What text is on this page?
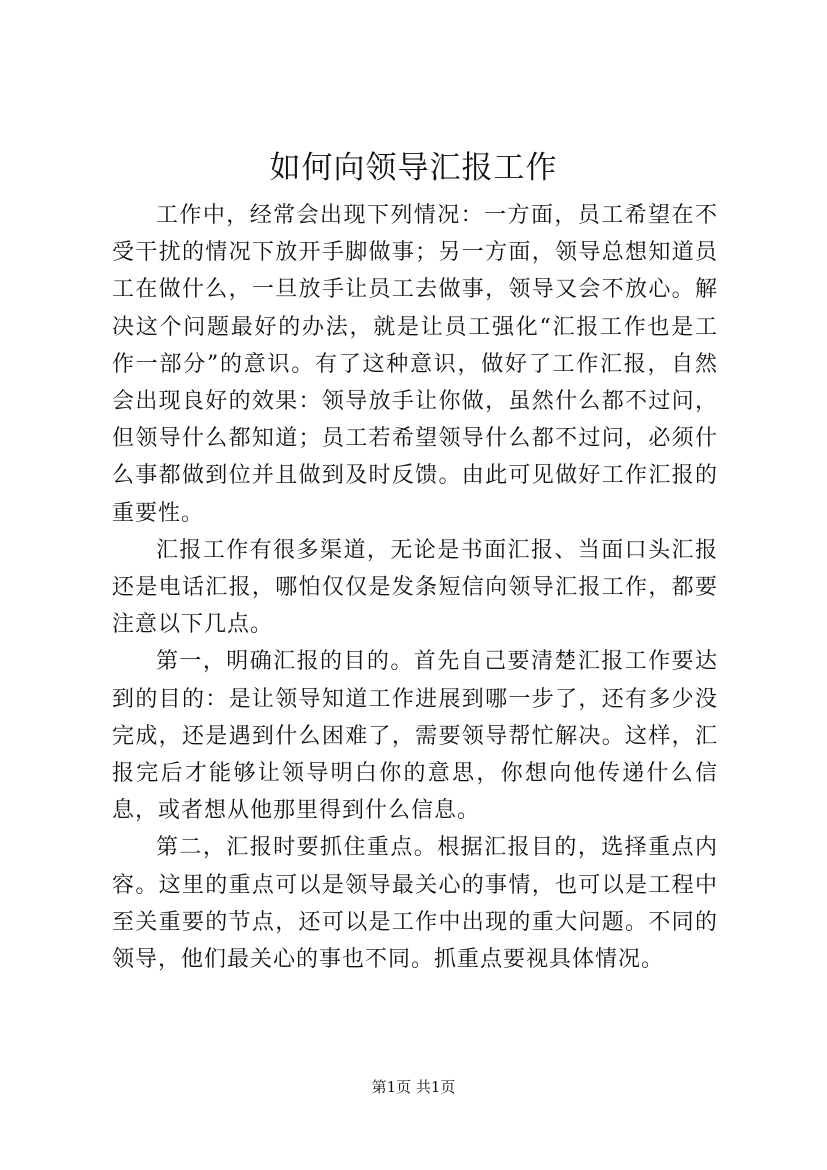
如何向领导汇报工作

工作中，经常会出现下列情况：一方面，员工希望在不受干扰的情况下放开手脚做事；另一方面，领导总想知道员工在做什么，一旦放手让员工去做事，领导又会不放心。解决这个问题最好的办法，就是让员工强化“汇报工作也是工作一部分”的意识。有了这种意识，做好了工作汇报，自然会出现良好的效果：领导放手让你做，虽然什么都不过问，但领导什么都知道；员工若希望领导什么都不过问，必须什么事都做到位并且做到及时反馈。由此可见做好工作汇报的重要性。

汇报工作有很多渠道，无论是书面汇报、当面口头汇报还是电话汇报，哪怕仅仅是发条短信向领导汇报工作，都要注意以下几点。

第一，明确汇报的目的。首先自己要清楚汇报工作要达到的目的：是让领导知道工作进展到哪一步了，还有多少没完成，还是遇到什么困难了，需要领导帮忙解决。这样，汇报完后才能够让领导明白你的意思，你想向他传递什么信息，或者想从他那里得到什么信息。

第二，汇报时要抓住重点。根据汇报目的，选择重点内容。这里的重点可以是领导最关心的事情，也可以是工程中至关重要的节点，还可以是工作中出现的重大问题。不同的领导，他们最关心的事也不同。抓重点要视具体情况。

第1页 共1页
